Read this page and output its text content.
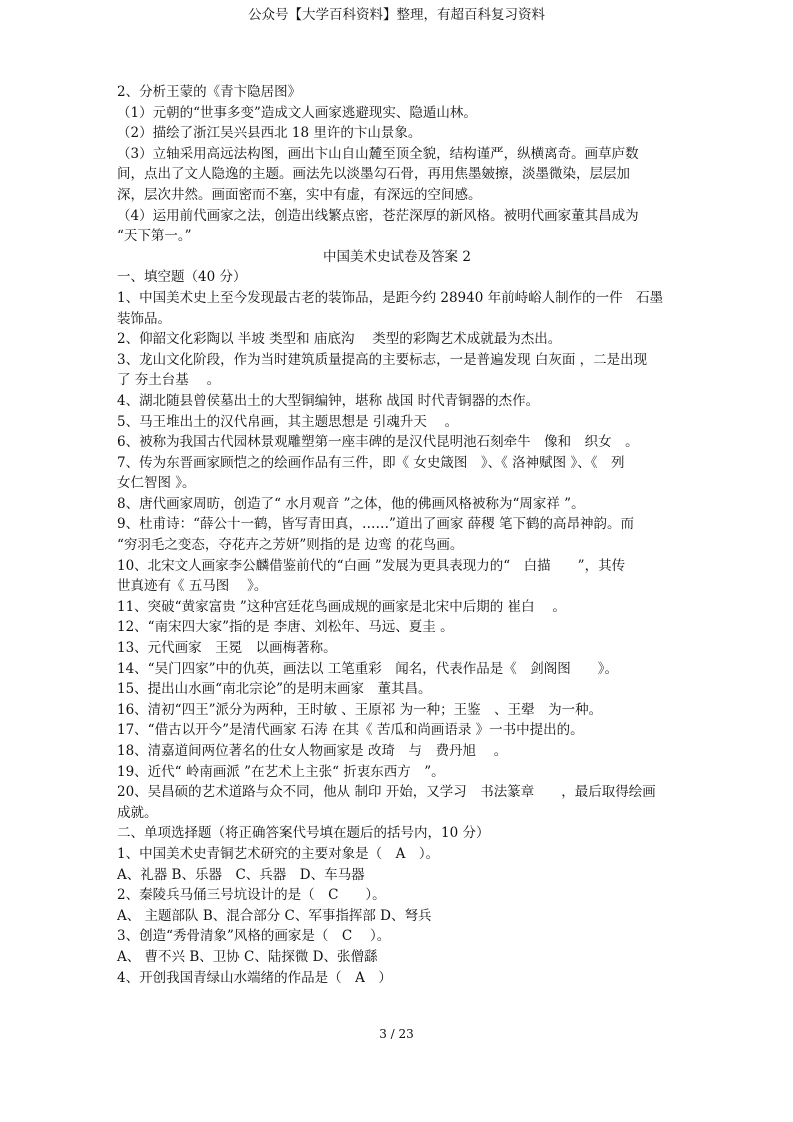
公众号【大学百科资料】整理，有超百科复习资料

2、分析王蒙的《青卞隐居图》

（1）元朝的“世事多变”造成文人画家逃避现实、隐遁山林。

（2）描绘了浙江吴兴县西北 18 里许的卞山景象。

（3）立轴采用高远法构图，画出卞山自山麓至顶全貌，结构谨严，纵横离奇。画草庐数

间，点出了文人隐逸的主题。画法先以淡墨勾石骨，再用焦墨皴擦，淡墨微染，层层加

深，层次井然。画面密而不塞，实中有虚，有深远的空间感。

（4）运用前代画家之法，创造出线繁点密，苍茫深厚的新风格。被明代画家董其昌成为

“天下第一。”

中国美术史试卷及答案 2

一、填空题（40 分）

1、中国美术史上至今发现最古老的装饰品，是距今约 28940 年前峙峪人制作的一件　石墨

装饰品。

2、仰韶文化彩陶以 半坡 类型和 庙底沟　 类型的彩陶艺术成就最为杰出。

3、龙山文化阶段，作为当时建筑质量提高的主要标志，一是普遍发现 白灰面 ，二是出现

了 夯土台基　 。

4、湖北随县曾侯墓出土的大型铜编钟，堪称 战国 时代青铜器的杰作。

5、马王堆出土的汉代帛画，其主题思想是 引魂升天　 。

6、被称为我国古代园林景观雕塑第一座丰碑的是汉代昆明池石刻牵牛　像和　织女　。

7、传为东晋画家顾恺之的绘画作品有三件，即《 女史箴图　》、《 洛神赋图 》、《　列

女仁智图 》。

8、唐代画家周昉，创造了“ 水月观音 ”之体，他的佛画风格被称为“周家祥 ”。

9、杜甫诗：“薛公十一鹤，皆写青田真，……”道出了画家 薛稷 笔下鹤的高昂神韵。而

“穷羽毛之变态，夺花卉之芳妍”则指的是 边鸾 的花鸟画。

10、北宋文人画家李公麟借鉴前代的“白画 ”发展为更具表现力的“　白描　　”，其传

世真迹有《 五马图　 》。

11、突破“黄家富贵 ”这种宫廷花鸟画成规的画家是北宋中后期的 崔白　 。

12、“南宋四大家”指的是 李唐、刘松年、马远、夏圭 。

13、元代画家　王冕　以画梅著称。

14、“吴门四家”中的仇英，画法以 工笔重彩　闻名，代表作品是《　剑阁图　　》。

15、提出山水画“南北宗论”的是明末画家　董其昌。

16、清初“四王”派分为两种，王时敏 、王原祁 为一种；王鉴　、王翚　为一种。

17、“借古以开今”是清代画家 石涛 在其《 苦瓜和尚画语录 》一书中提出的。

18、清嘉道间两位著名的仕女人物画家是 改琦　与　费丹旭　 。

19、近代“ 岭南画派 ”在艺术上主张“ 折衷东西方　”。

20、吴昌硕的艺术道路与众不同，他从 制印 开始，又学习　书法篆章　　，最后取得绘画

成就。

二、单项选择题（将正确答案代号填在题后的括号内，10 分）

1、中国美术史青铜艺术研究的主要对象是（　A　）。

A、礼器 B、乐器　C、兵器　D、车马器

2、秦陵兵马俑三号坑设计的是（　C　　）。

A、 主题部队 B、混合部分 C、军事指挥部 D、弩兵

3、创造“秀骨清象”风格的画家是（　C　 ）。

A、 曹不兴 B、卫协 C、陆探微 D、张僧繇

4、开创我国青绿山水端绪的作品是（　A　）

3 / 23
